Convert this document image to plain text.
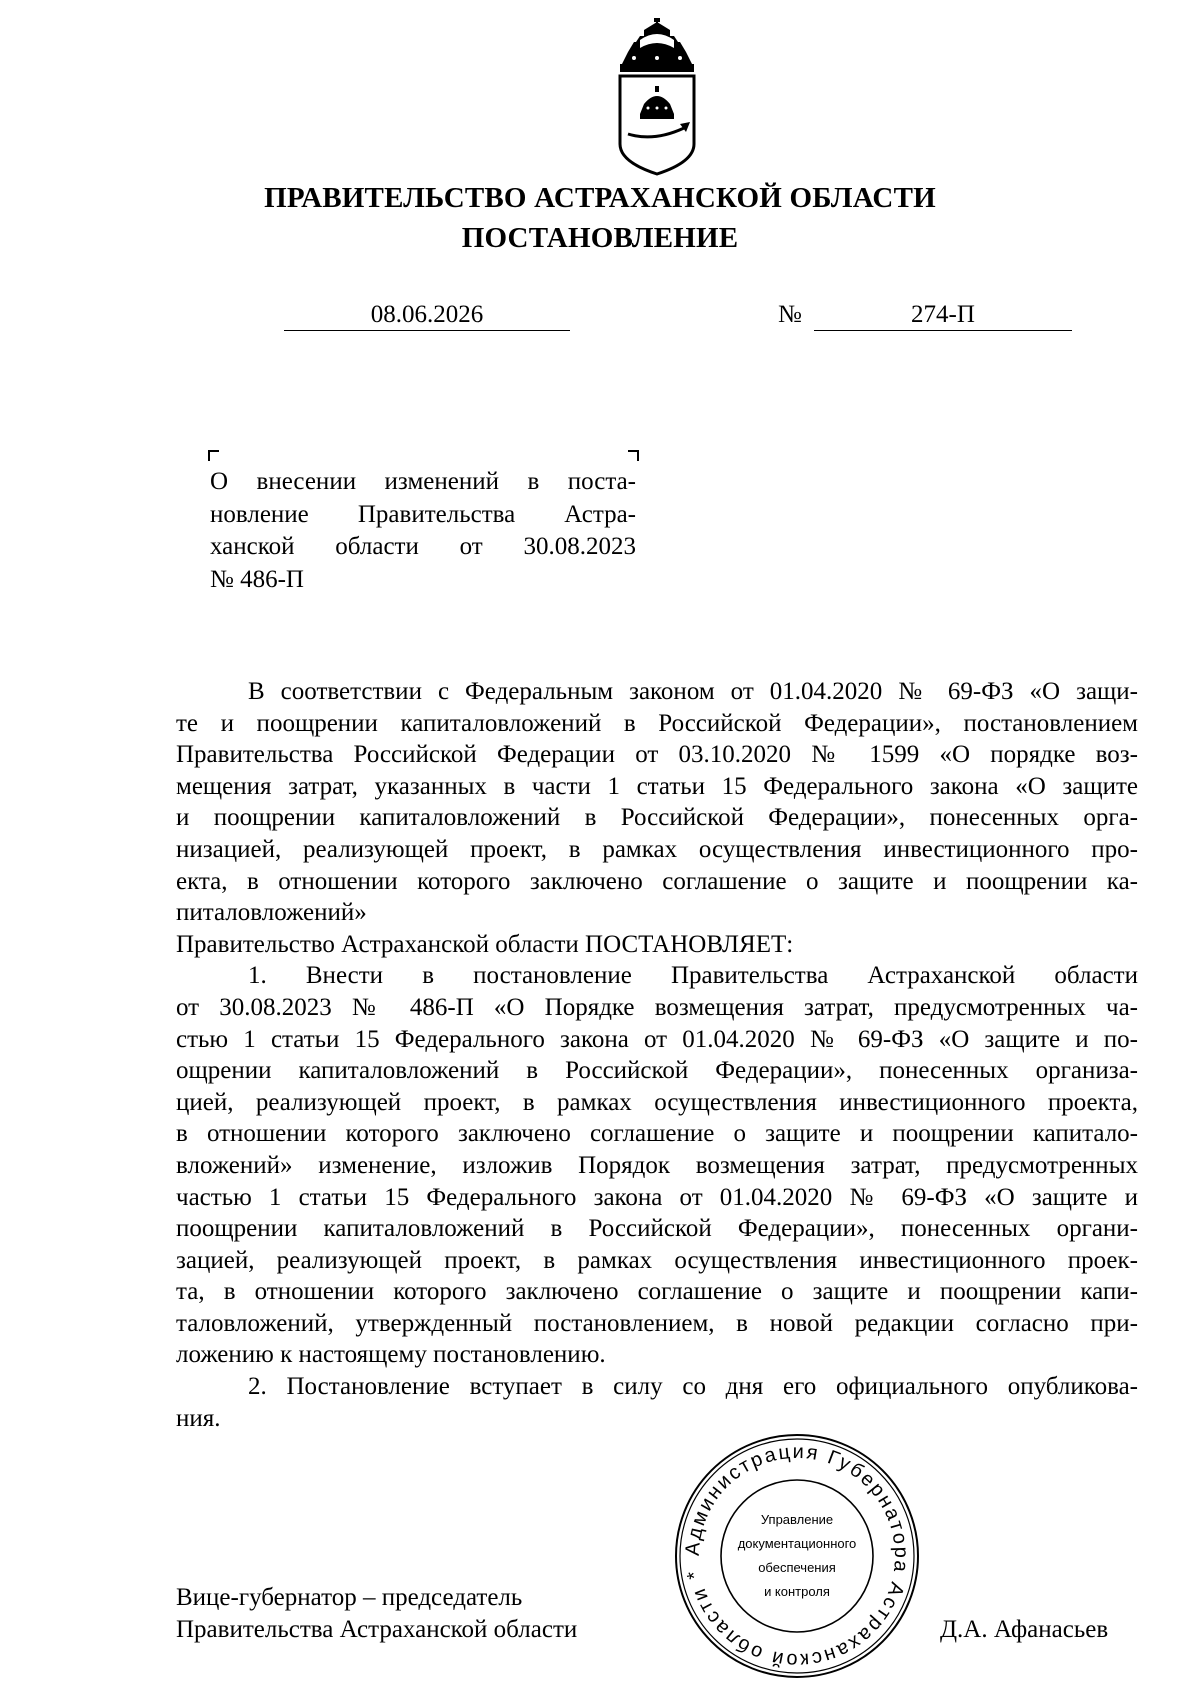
ПРАВИТЕЛЬСТВО АСТРАХАНСКОЙ ОБЛАСТИ
ПОСТАНОВЛЕНИЕ
08.06.2026	№	274-П
О внесении изменений в поста-
новление Правительства Астра-
ханской области от 30.08.2023
№ 486-П
В соответствии с Федеральным законом от 01.04.2020 № 69-ФЗ «О защи-
те и поощрении капиталовложений в Российской Федерации», постановлением
Правительства Российской Федерации от 03.10.2020 № 1599 «О порядке воз-
мещения затрат, указанных в части 1 статьи 15 Федерального закона «О защите
и поощрении капиталовложений в Российской Федерации», понесенных орга-
низацией, реализующей проект, в рамках осуществления инвестиционного про-
екта, в отношении которого заключено соглашение о защите и поощрении ка-
питаловложений»
Правительство Астраханской области ПОСТАНОВЛЯЕТ:
1. Внести в постановление Правительства Астраханской области
от 30.08.2023 № 486-П «О Порядке возмещения затрат, предусмотренных ча-
стью 1 статьи 15 Федерального закона от 01.04.2020 № 69-ФЗ «О защите и по-
ощрении капиталовложений в Российской Федерации», понесенных организа-
цией, реализующей проект, в рамках осуществления инвестиционного проекта,
в отношении которого заключено соглашение о защите и поощрении капитало-
вложений» изменение, изложив Порядок возмещения затрат, предусмотренных
частью 1 статьи 15 Федерального закона от 01.04.2020 № 69-ФЗ «О защите и
поощрении капиталовложений в Российской Федерации», понесенных органи-
зацией, реализующей проект, в рамках осуществления инвестиционного проек-
та, в отношении которого заключено соглашение о защите и поощрении капи-
таловложений, утвержденный постановлением, в новой редакции согласно при-
ложению к настоящему постановлению.
2. Постановление вступает в силу со дня его официального опубликова-
ния.
Вице-губернатор – председатель
Правительства Астраханской области	Д.А. Афанасьев
Администрация Губернатора Астраханской области *
Управление
документационного
обеспечения
и контроля
